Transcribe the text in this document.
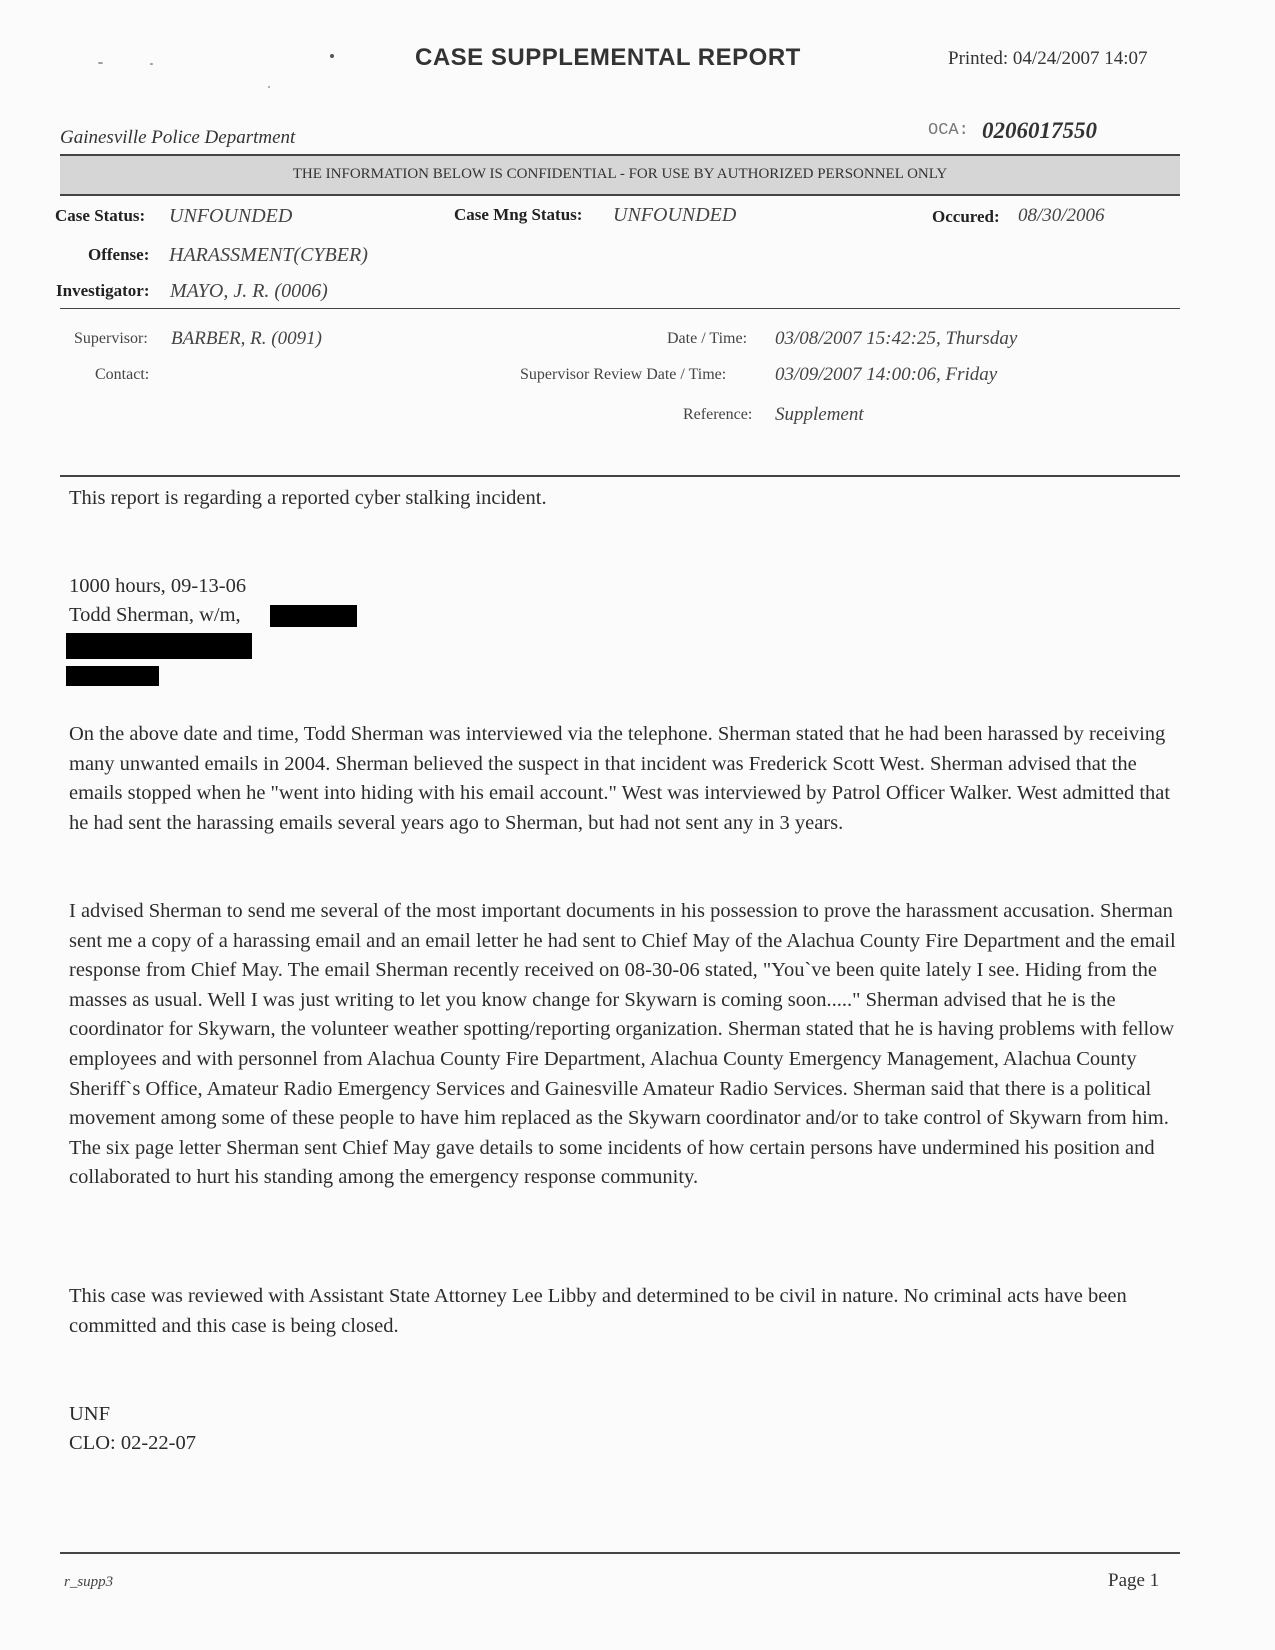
CASE SUPPLEMENTAL REPORT	Printed: 04/24/2007 14:07
Gainesville Police Department	OCA: 0206017550
THE INFORMATION BELOW IS CONFIDENTIAL - FOR USE BY AUTHORIZED PERSONNEL ONLY
Case Status: UNFOUNDED	Case Mng Status: UNFOUNDED	Occured: 08/30/2006
Offense: HARASSMENT(CYBER)
Investigator: MAYO, J. R. (0006)
Supervisor: BARBER, R. (0091)
Contact:
Date / Time: 03/08/2007 15:42:25, Thursday
Supervisor Review Date / Time:	03/09/2007 14:00:06, Friday
Reference: Supplement
This report is regarding a reported cyber stalking incident.
1000 hours, 09-13-06
Todd Sherman, w/m,
On the above date and time, Todd Sherman was interviewed via the telephone. Sherman stated that he had been harassed by receiving many unwanted emails in 2004. Sherman believed the suspect in that incident was Frederick Scott West. Sherman advised that the emails stopped when he "went into hiding with his email account." West was interviewed by Patrol Officer Walker. West admitted that he had sent the harassing emails several years ago to Sherman, but had not sent any in 3 years.
I advised Sherman to send me several of the most important documents in his possession to prove the harassment accusation. Sherman sent me a copy of a harassing email and an email letter he had sent to Chief May of the Alachua County Fire Department and the email response from Chief May. The email Sherman recently received on 08-30-06 stated, "You`ve been quite lately I see. Hiding from the masses as usual. Well I was just writing to let you know change for Skywarn is coming soon....." Sherman advised that he is the coordinator for Skywarn, the volunteer weather spotting/reporting organization. Sherman stated that he is having problems with fellow employees and with personnel from Alachua County Fire Department, Alachua County Emergency Management, Alachua County Sheriff`s Office, Amateur Radio Emergency Services and Gainesville Amateur Radio Services. Sherman said that there is a political movement among some of these people to have him replaced as the Skywarn coordinator and/or to take control of Skywarn from him. The six page letter Sherman sent Chief May gave details to some incidents of how certain persons have undermined his position and collaborated to hurt his standing among the emergency response community.
This case was reviewed with Assistant State Attorney Lee Libby and determined to be civil in nature. No criminal acts have been committed and this case is being closed.
UNF
CLO: 02-22-07
r_supp3	Page 1
